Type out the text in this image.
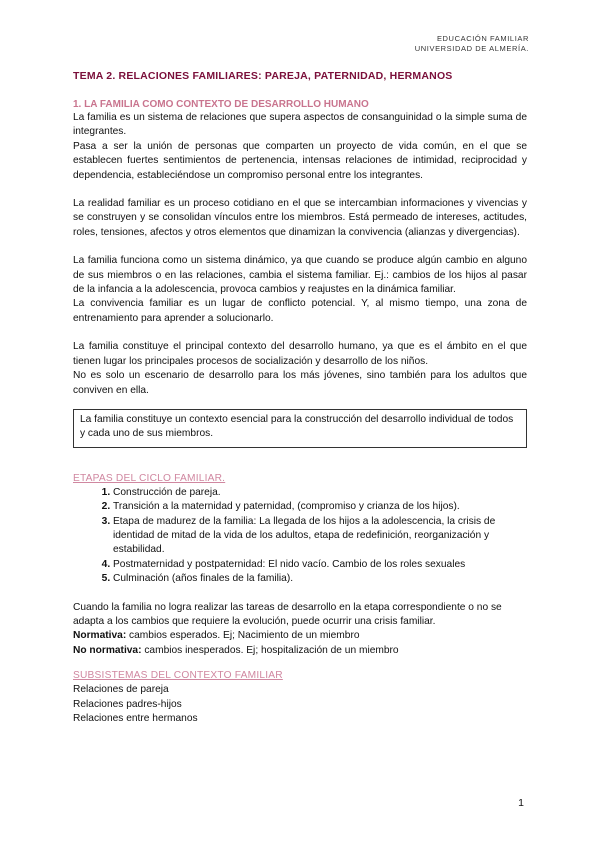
EDUCACIÓN FAMILIAR
UNIVERSIDAD DE ALMERÍA.
TEMA 2. RELACIONES FAMILIARES: PAREJA, PATERNIDAD, HERMANOS
1. LA FAMILIA COMO CONTEXTO DE DESARROLLO HUMANO

La familia es un sistema de relaciones que supera aspectos de consanguinidad o la simple suma de integrantes.

Pasa a ser la unión de personas que comparten un proyecto de vida común, en el que se establecen fuertes sentimientos de pertenencia, intensas relaciones de intimidad, reciprocidad y dependencia, estableciéndose un compromiso personal entre los integrantes.

La realidad familiar es un proceso cotidiano en el que se intercambian informaciones y vivencias y se construyen y se consolidan vínculos entre los miembros. Está permeado de intereses, actitudes, roles, tensiones, afectos y otros elementos que dinamizan la convivencia (alianzas y divergencias).

La familia funciona como un sistema dinámico, ya que cuando se produce algún cambio en alguno de sus miembros o en las relaciones, cambia el sistema familiar. Ej.: cambios de los hijos al pasar de la infancia a la adolescencia, provoca cambios y reajustes en la dinámica familiar.

La convivencia familiar es un lugar de conflicto potencial. Y, al mismo tiempo, una zona de entrenamiento para aprender a solucionarlo.

La familia constituye el principal contexto del desarrollo humano, ya que es el ámbito en el que tienen lugar los principales procesos de socialización y desarrollo de los niños.

No es solo un escenario de desarrollo para los más jóvenes, sino también para los adultos que conviven en ella.

La familia constituye un contexto esencial para la construcción del desarrollo individual de todos y cada uno de sus miembros.

ETAPAS DEL CICLO FAMILIAR.
1. Construcción de pareja.
2. Transición a la maternidad y paternidad, (compromiso y crianza de los hijos).
3. Etapa de madurez de la familia: La llegada de los hijos a la adolescencia, la crisis de identidad de mitad de la vida de los adultos, etapa de redefinición, reorganización y estabilidad.
4. Postmaternidad y postpaternidad: El nido vacío. Cambio de los roles sexuales
5. Culminación (años finales de la familia).

Cuando la familia no logra realizar las tareas de desarrollo en la etapa correspondiente o no se adapta a los cambios que requiere la evolución, puede ocurrir una crisis familiar.

Normativa: cambios esperados. Ej; Nacimiento de un miembro

No normativa: cambios inesperados. Ej; hospitalización de un miembro

SUBSISTEMAS DEL CONTEXTO FAMILIAR

Relaciones de pareja

Relaciones padres-hijos

Relaciones entre hermanos

1
